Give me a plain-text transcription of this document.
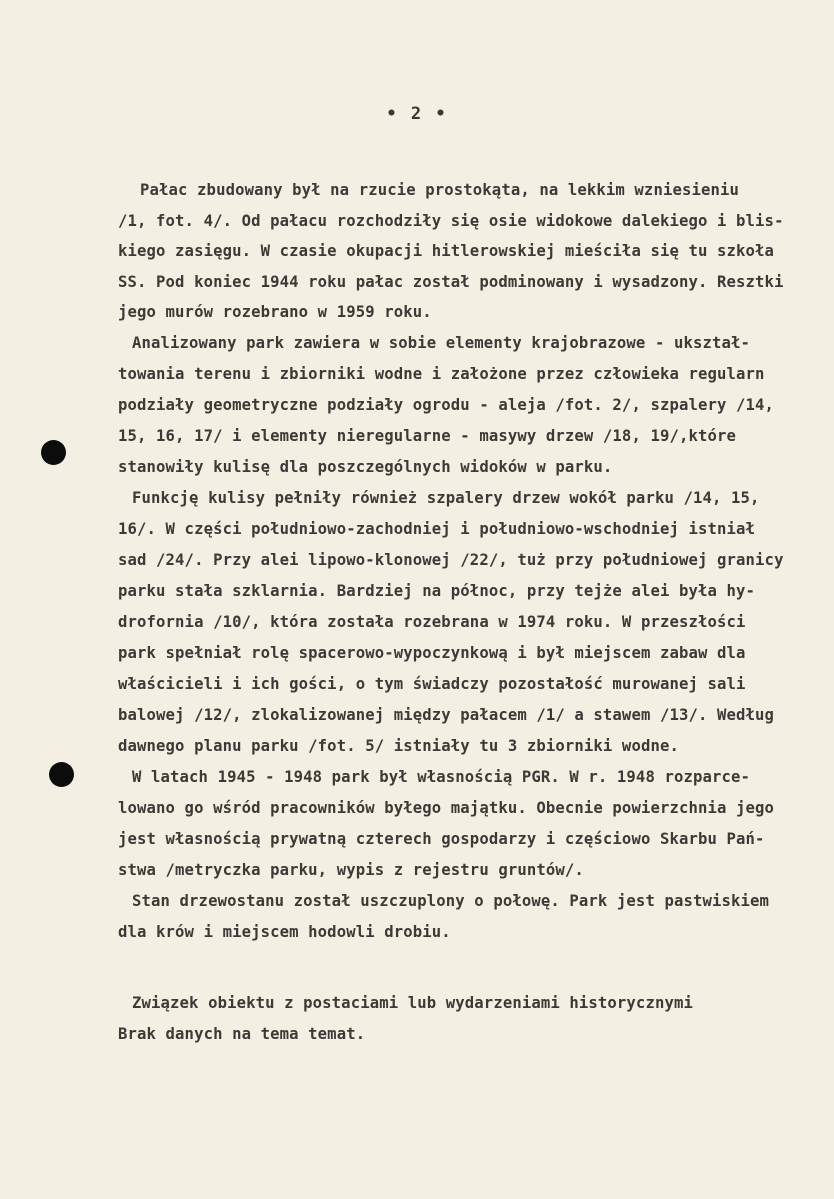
• 2 •
Pałac zbudowany był na rzucie prostokąta, na lekkim wzniesieniu
/1, fot. 4/. Od pałacu rozchodziły się osie widokowe dalekiego i blis-
kiego zasięgu. W czasie okupacji hitlerowskiej mieściła się tu szkoła
SS. Pod koniec 1944 roku pałac został podminowany i wysadzony. Resztki
jego murów rozebrano w 1959 roku.
Analizowany park zawiera w sobie elementy krajobrazowe - ukształ-
towania terenu i zbiorniki wodne i założone przez człowieka regularn
podziały geometryczne podziały ogrodu - aleja /fot. 2/, szpalery /14,
15, 16, 17/ i elementy nieregularne - masywy drzew /18, 19/,które
stanowiły kulisę dla poszczególnych widoków w parku.
Funkcję kulisy pełniły również szpalery drzew wokół parku /14, 15,
16/. W części południowo-zachodniej i południowo-wschodniej istniał
sad /24/. Przy alei lipowo-klonowej /22/, tuż przy południowej granicy
parku stała szklarnia. Bardziej na północ, przy tejże alei była hy-
drofornia /10/, która została rozebrana w 1974 roku. W przeszłości
park spełniał rolę spacerowo-wypoczynkową i był miejscem zabaw dla
właścicieli i ich gości, o tym świadczy pozostałość murowanej sali
balowej /12/, zlokalizowanej między pałacem /1/ a stawem /13/. Według
dawnego planu parku /fot. 5/ istniały tu 3 zbiorniki wodne.
W latach 1945 - 1948 park był własnością PGR. W r. 1948 rozparce-
lowano go wśród pracowników byłego majątku. Obecnie powierzchnia jego
jest własnością prywatną czterech gospodarzy i częściowo Skarbu Pań-
stwa /metryczka parku, wypis z rejestru gruntów/.
Stan drzewostanu został uszczuplony o połowę. Park jest pastwiskiem
dla krów i miejscem hodowli drobiu.
Związek obiektu z postaciami lub wydarzeniami historycznymi
Brak danych na tema temat.
